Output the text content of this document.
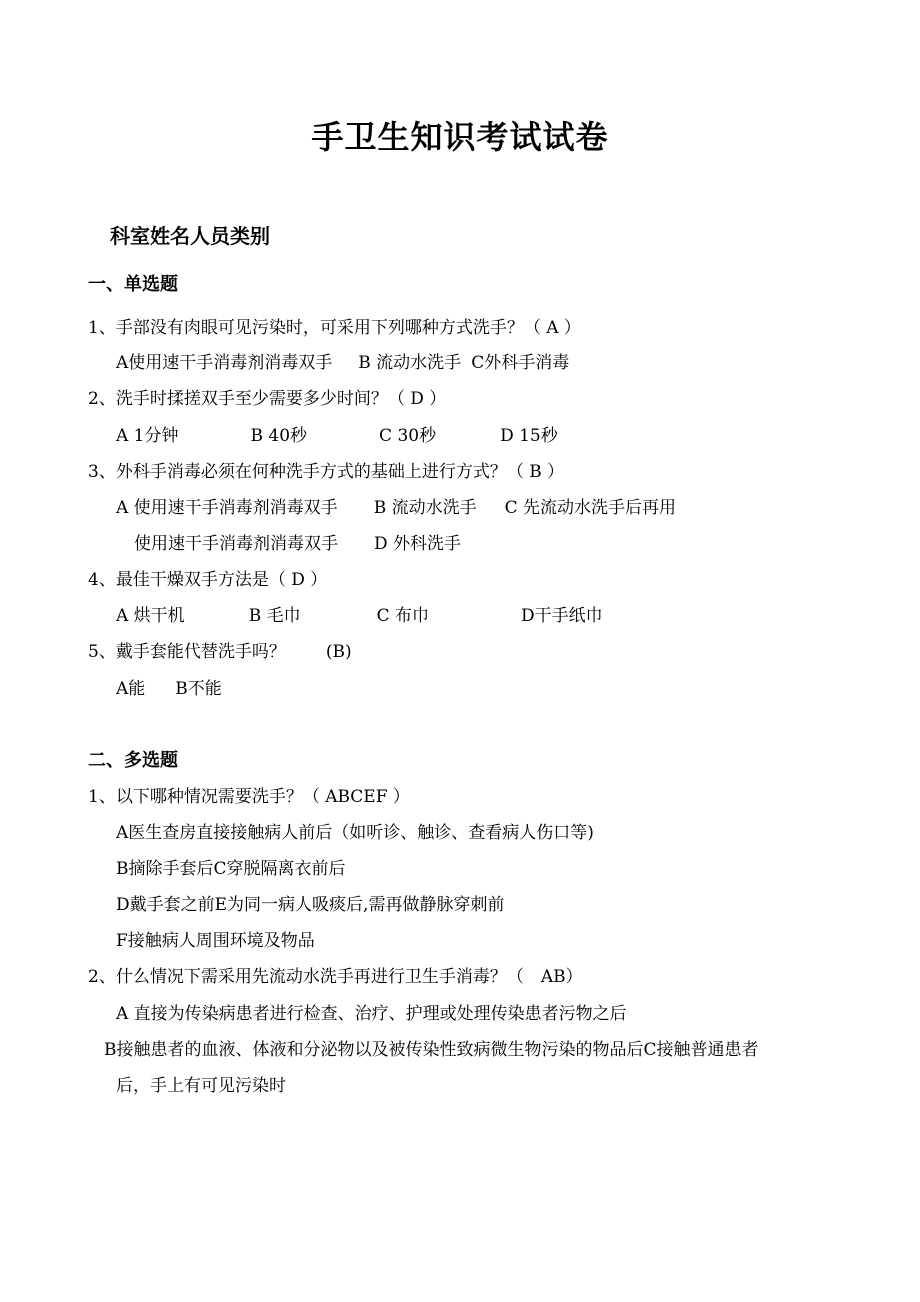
手卫生知识考试试卷
科室姓名人员类别
一、单选题
1、手部没有肉眼可见污染时，可采用下列哪种方式洗手？（ A ）
A使用速干手消毒剂消毒双手 B 流动水洗手 C外科手消毒
2、洗手时揉搓双手至少需要多少时间？（ D ）
A 1分钟	B 40秒	C 30秒	D 15秒
3、外科手消毒必须在何种洗手方式的基础上进行方式？（ B ）
A 使用速干手消毒剂消毒双手 B 流动水洗手 C 先流动水洗手后再用
使用速干手消毒剂消毒双手 D 外科洗手
4、最佳干燥双手方法是（ D ）
A 烘干机	B 毛巾	C 布巾	D干手纸巾
5、戴手套能代替洗手吗？ (B)
A能 B不能
二、多选题
1、以下哪种情况需要洗手？（ ABCEF ）
A医生查房直接接触病人前后（如听诊、触诊、查看病人伤口等)
B摘除手套后C穿脱隔离衣前后
D戴手套之前E为同一病人吸痰后,需再做静脉穿刺前
F接触病人周围环境及物品
2、什么情况下需采用先流动水洗手再进行卫生手消毒？（　AB）
A 直接为传染病患者进行检查、治疗、护理或处理传染患者污物之后
B接触患者的血液、体液和分泌物以及被传染性致病微生物污染的物品后C接触普通患者
后，手上有可见污染时
